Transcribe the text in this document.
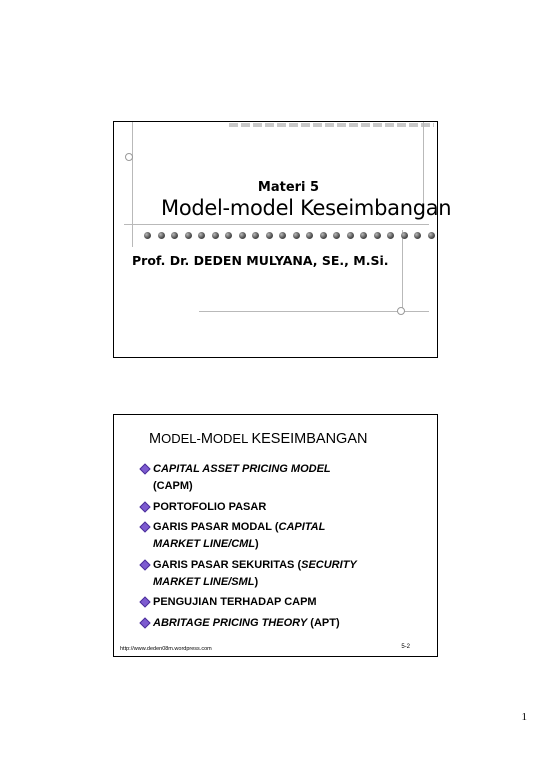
Materi 5
Model-model Keseimbangan
Prof. Dr. DEDEN MULYANA, SE., M.Si.
MODEL-MODEL KESEIMBANGAN
CAPITAL ASSET PRICING MODEL
(CAPM)
PORTOFOLIO PASAR
GARIS PASAR MODAL (CAPITAL
MARKET LINE/CML)
GARIS PASAR SEKURITAS (SECURITY
MARKET LINE/SML)
PENGUJIAN TERHADAP CAPM
ABRITAGE PRICING THEORY (APT)
http://www.deden08m.wordpress.com	5-2
1
